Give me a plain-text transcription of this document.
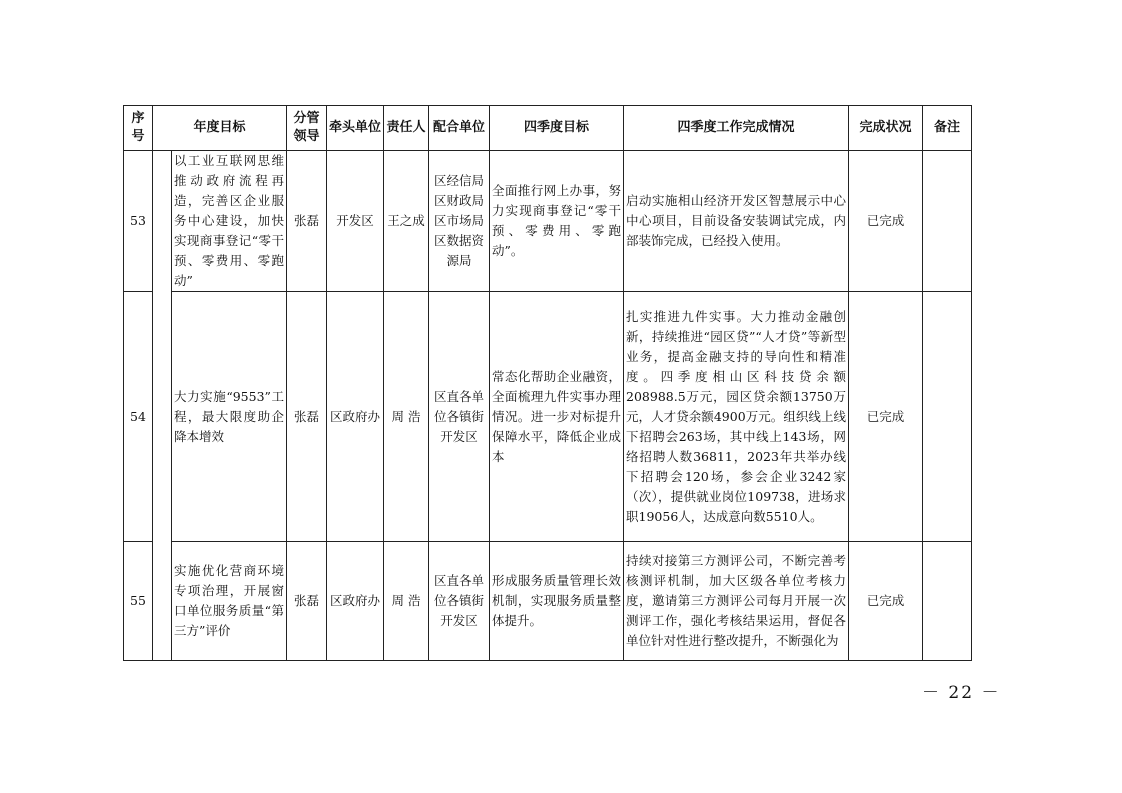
序号	年度目标		分管领导	牵头单位	责任人	配合单位	四季度目标	四季度工作完成情况	完成状况	备注
53		以工业互联网思维推动政府流程再造，完善区企业服务中心建设，加快实现商事登记“零干预、零费用、零跑动”	张磊	开发区	王之成	区经信局区财政局区市场局区数据资源局	全面推行网上办事，努力实现商事登记“零干预、零费用、零跑动”。	启动实施相山经济开发区智慧展示中心中心项目，目前设备安装调试完成，内部装饰完成，已经投入使用。	已完成	
54		大力实施“9553”工程，最大限度助企降本增效	张磊	区政府办	周 浩	区直各单位各镇街开发区	常态化帮助企业融资，全面梳理九件实事办理情况。进一步对标提升保障水平，降低企业成本	扎实推进九件实事。大力推动金融创新，持续推进“园区贷”“人才贷”等新型业务，提高金融支持的导向性和精准度。四季度相山区科技贷余额208988.5万元，园区贷余额13750万元，人才贷余额4900万元。组织线上线下招聘会263场，其中线上143场，网络招聘人数36811，2023年共举办线下招聘会120场，参会企业3242家（次），提供就业岗位109738，进场求职19056人，达成意向数5510人。	已完成	
55		实施优化营商环境专项治理，开展窗口单位服务质量“第三方”评价	张磊	区政府办	周 浩	区直各单位各镇街开发区	形成服务质量管理长效机制，实现服务质量整体提升。	持续对接第三方测评公司，不断完善考核测评机制，加大区级各单位考核力度，邀请第三方测评公司每月开展一次测评工作，强化考核结果运用，督促各单位针对性进行整改提升，不断强化为	已完成	
－ 22 －
